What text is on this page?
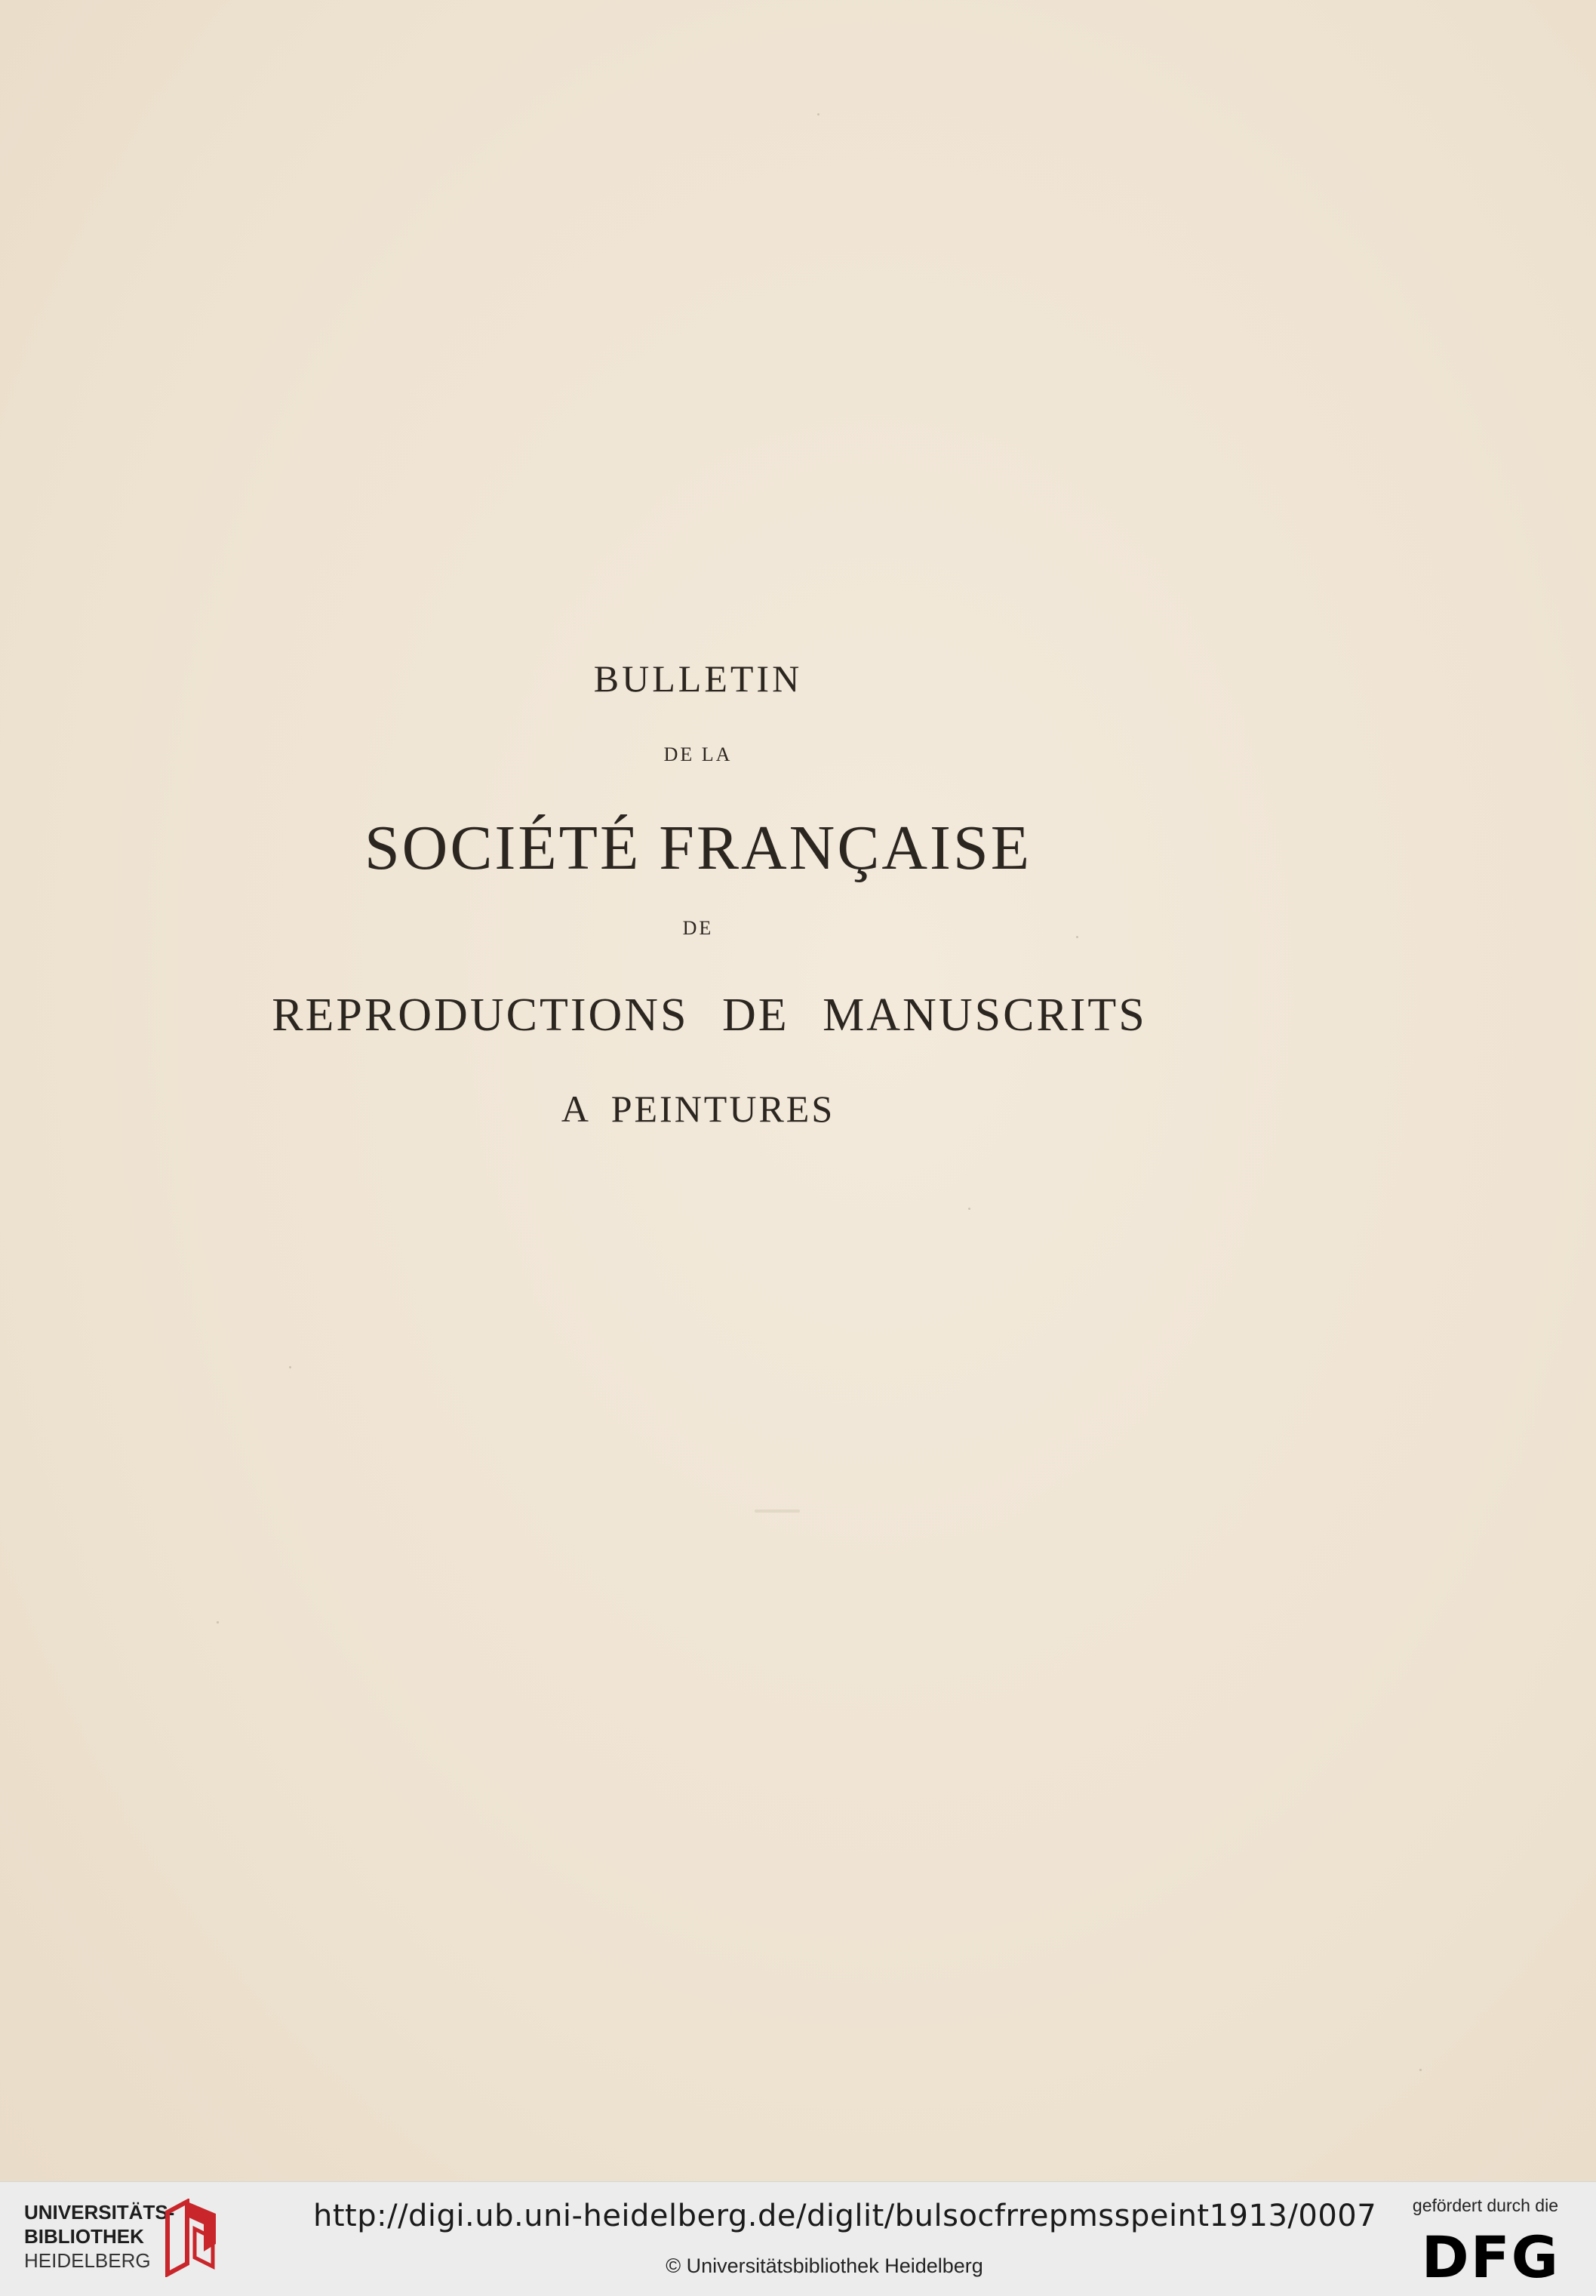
BULLETIN
DE LA
SOCIÉTÉ FRANÇAISE
DE
REPRODUCTIONS DE MANUSCRITS
A PEINTURES
UNIVERSITÄTS-
BIBLIOTHEK
HEIDELBERG
http://digi.ub.uni-heidelberg.de/diglit/bulsocfrrepmsspeint1913/0007
© Universitätsbibliothek Heidelberg
gefördert durch die
DFG
